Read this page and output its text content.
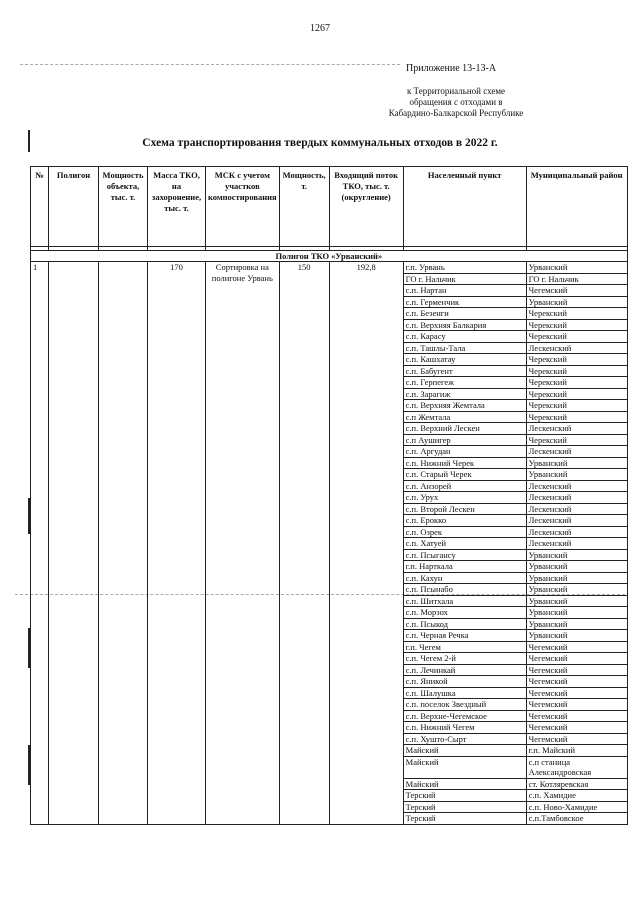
1267
Приложение 13-13-А
к Территориальной схеме
обращения с отходами в
Кабардино-Балкарской Республике
Схема транспортирования твердых коммунальных отходов в 2022 г.
№	Полигон	Мощность объекта, тыс. т.	Масса ТКО, на захоронение, тыс. т.	МСК с учетом участков компостирования	Мощность, т.	Входящий поток ТКО, тыс. т. (округление)	Населенный пункт	Муниципальный район

Полигон ТКО «Урванский»								
1			170	Сортировка на полигоне Урвань	150	192,8	г.п. Урвань	Урванский
							ГО г. Нальчик	ГО г. Нальчик
							с.п. Нартан	Чегемский
							с.п. Герменчик	Урванский
							с.п. Безенги	Черекский
							с.п. Верхняя Балкария	Черекский
							с.п. Карасу	Черекский
							с.п. Ташлы-Тала	Лескенский
							с.п. Кашхатау	Черекский
							с.п. Бабугент	Черекский
							с.п. Герпегеж	Черекский
							с.п. Зарагиж	Черекский
							с.п. Верхняя Жемтала	Черекский
							с.п Жемтала	Черекский
							с.п. Верхний Лескен	Лескенский
							с.п Аушигер	Черекский
							с.п. Аргудан	Лескенский
							с.п. Нижний Черек	Урванский
							с.п. Старый Черек	Урванский
							с.п. Анзорей	Лескенский
							с.п. Урух	Лескенский
							с.п. Второй Лескен	Лескенский
							с.п. Ерокко	Лескенский
							с.п. Озрек	Лескенский
							с.п. Хатуей	Лескенский
							с.п. Псыгансу	Урванский
							г.п. Нарткала	Урванский
							с.п. Кахун	Урванский
							с.п. Псынабо	Урванский
							с.п. Шитхала	Урванский
							с.п. Морзох	Урванский
							с.п. Псыкод	Урванский
							с.п. Черная Речка	Урванский
							г.п. Чегем	Чегемский
							с.п. Чегем 2-й	Чегемский
							с.п. Лечинкай	Чегемский
							с.п. Яникой	Чегемский
							с.п. Шалушка	Чегемский
							с.п. поселок Звездный	Чегемский
							с.п. Верхне-Чегемское	Чегемский
							с.п. Нижний Чегем	Чегемский
							с.п. Хушто-Сырт	Чегемский
							Майский	г.п. Майский
							Майский	с.п станица Александровская
							Майский	ст. Котляревская
							Терский	с.п. Хамидие
							Терский	с.п. Ново-Хамидие
							Терский	с.п.Тамбовское
